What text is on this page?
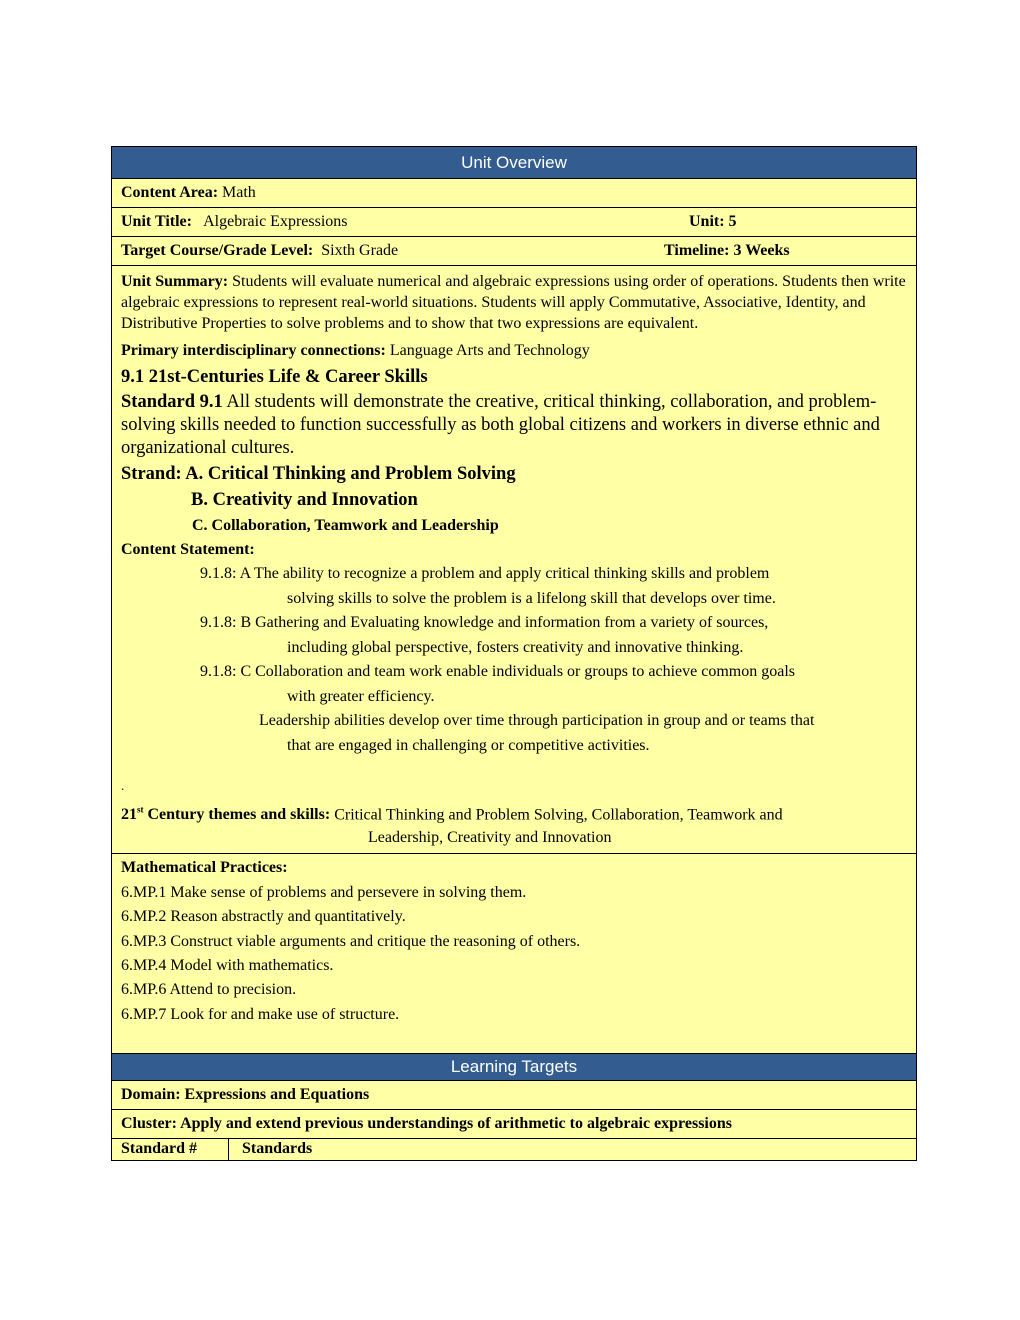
Unit Overview
Content Area: Math
Unit Title: Algebraic Expressions	Unit: 5
Target Course/Grade Level: Sixth Grade	Timeline: 3 Weeks
Unit Summary: Students will evaluate numerical and algebraic expressions using order of operations. Students then write algebraic expressions to represent real-world situations. Students will apply Commutative, Associative, Identity, and Distributive Properties to solve problems and to show that two expressions are equivalent.
Primary interdisciplinary connections: Language Arts and Technology
9.1 21st-Centuries Life & Career Skills
Standard 9.1 All students will demonstrate the creative, critical thinking, collaboration, and problem-solving skills needed to function successfully as both global citizens and workers in diverse ethnic and organizational cultures.
Strand: A. Critical Thinking and Problem Solving
B. Creativity and Innovation
C. Collaboration, Teamwork and Leadership
Content Statement:
9.1.8: A The ability to recognize a problem and apply critical thinking skills and problem
solving skills to solve the problem is a lifelong skill that develops over time.
9.1.8: B Gathering and Evaluating knowledge and information from a variety of sources,
including global perspective, fosters creativity and innovative thinking.
9.1.8: C Collaboration and team work enable individuals or groups to achieve common goals
with greater efficiency.
Leadership abilities develop over time through participation in group and or teams that
that are engaged in challenging or competitive activities.
.
21st Century themes and skills: Critical Thinking and Problem Solving, Collaboration, Teamwork and
Leadership, Creativity and Innovation
Mathematical Practices:
6.MP.1 Make sense of problems and persevere in solving them.
6.MP.2 Reason abstractly and quantitatively.
6.MP.3 Construct viable arguments and critique the reasoning of others.
6.MP.4 Model with mathematics.
6.MP.6 Attend to precision.
6.MP.7 Look for and make use of structure.
Learning Targets
Domain: Expressions and Equations
Cluster: Apply and extend previous understandings of arithmetic to algebraic expressions
Standard #	Standards
